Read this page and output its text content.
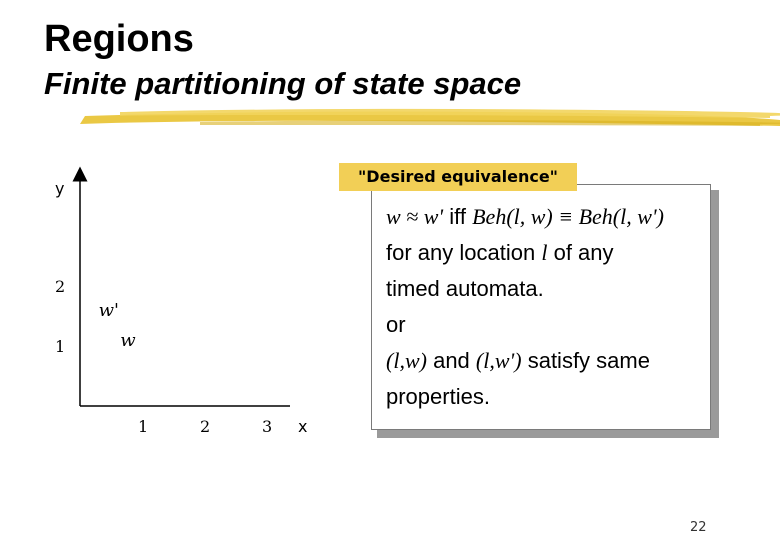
Regions
Finite partitioning of state space
y
x
1	2	3
2
1
w'
w
"Desired equivalence"
w ≈ w' iff Beh(l, w) ≡ Beh(l, w')
for any location l of any
timed automata.
or
(l,w) and (l,w') satisfy same
properties.
22
